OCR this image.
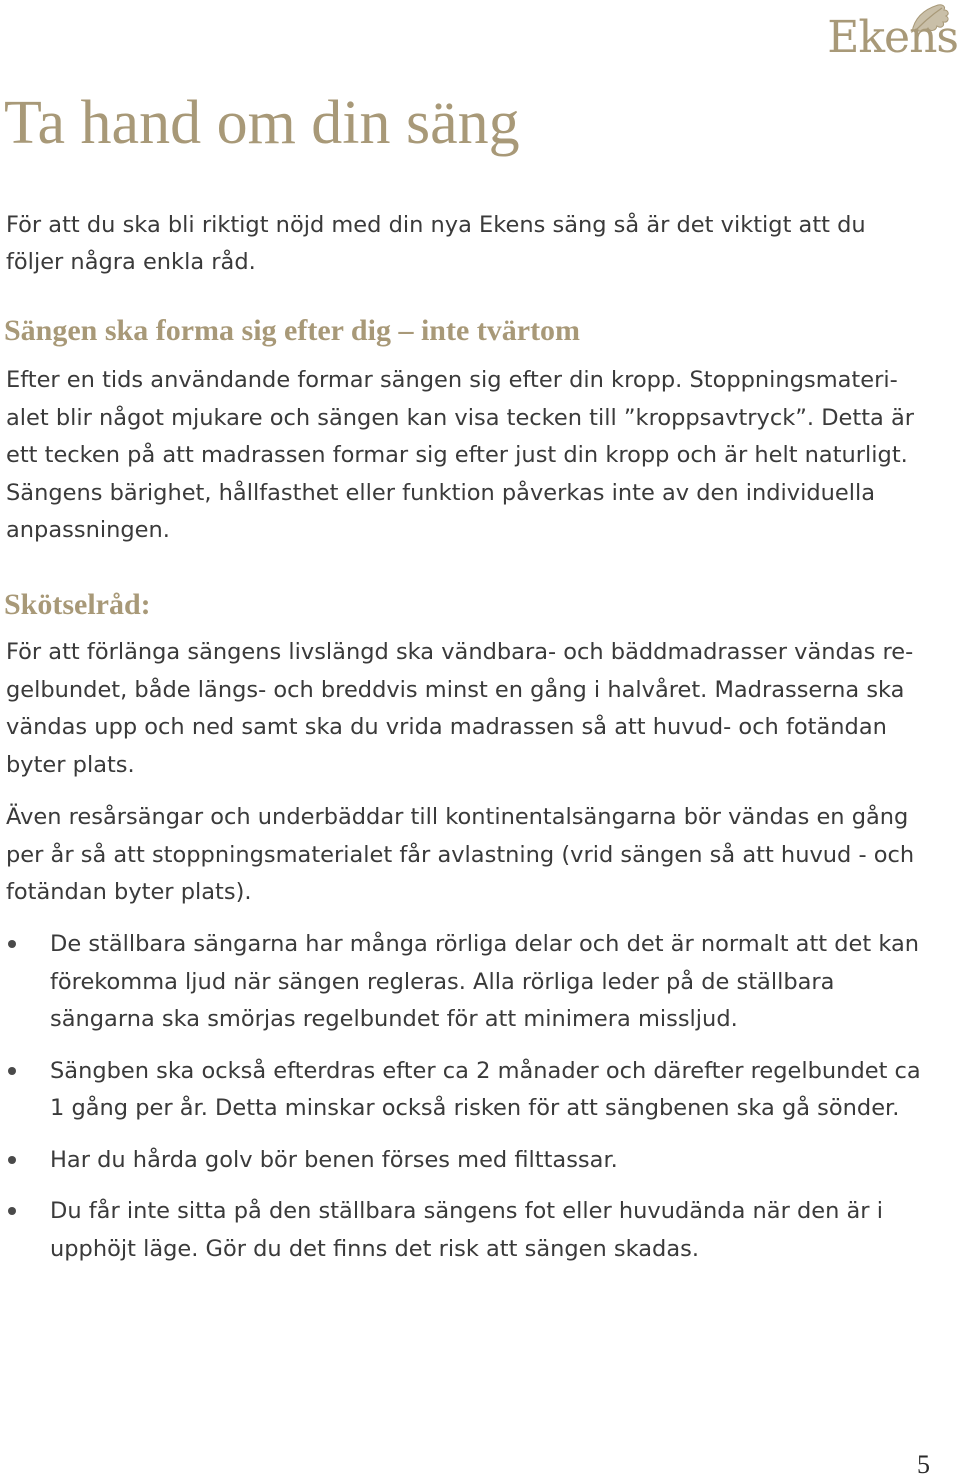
Ekens
Ta hand om din säng

För att du ska bli riktigt nöjd med din nya Ekens säng så är det viktigt att du följer några enkla råd.

Sängen ska forma sig efter dig – inte tvärtom

Efter en tids användande formar sängen sig efter din kropp. Stoppningsmateri-alet blir något mjukare och sängen kan visa tecken till ”kroppsavtryck”. Detta är ett tecken på att madrassen formar sig efter just din kropp och är helt naturligt. Sängens bärighet, hållfasthet eller funktion påverkas inte av den individuella anpassningen.

Skötselråd:

För att förlänga sängens livslängd ska vändbara- och bäddmadrasser vändas re-gelbundet, både längs- och breddvis minst en gång i halvåret. Madrasserna ska vändas upp och ned samt ska du vrida madrassen så att huvud- och fotändan byter plats.

Även resårsängar och underbäddar till kontinentalsängarna bör vändas en gång per år så att stoppningsmaterialet får avlastning (vrid sängen så att huvud - och fotändan byter plats).

De ställbara sängarna har många rörliga delar och det är normalt att det kan förekomma ljud när sängen regleras. Alla rörliga leder på de ställbara sängarna ska smörjas regelbundet för att minimera missljud.
Sängben ska också efterdras efter ca 2 månader och därefter regelbundet ca 1 gång per år. Detta minskar också risken för att sängbenen ska gå sönder.
Har du hårda golv bör benen förses med filttassar.
Du får inte sitta på den ställbara sängens fot eller huvudända när den är i upphöjt läge. Gör du det finns det risk att sängen skadas.
5
